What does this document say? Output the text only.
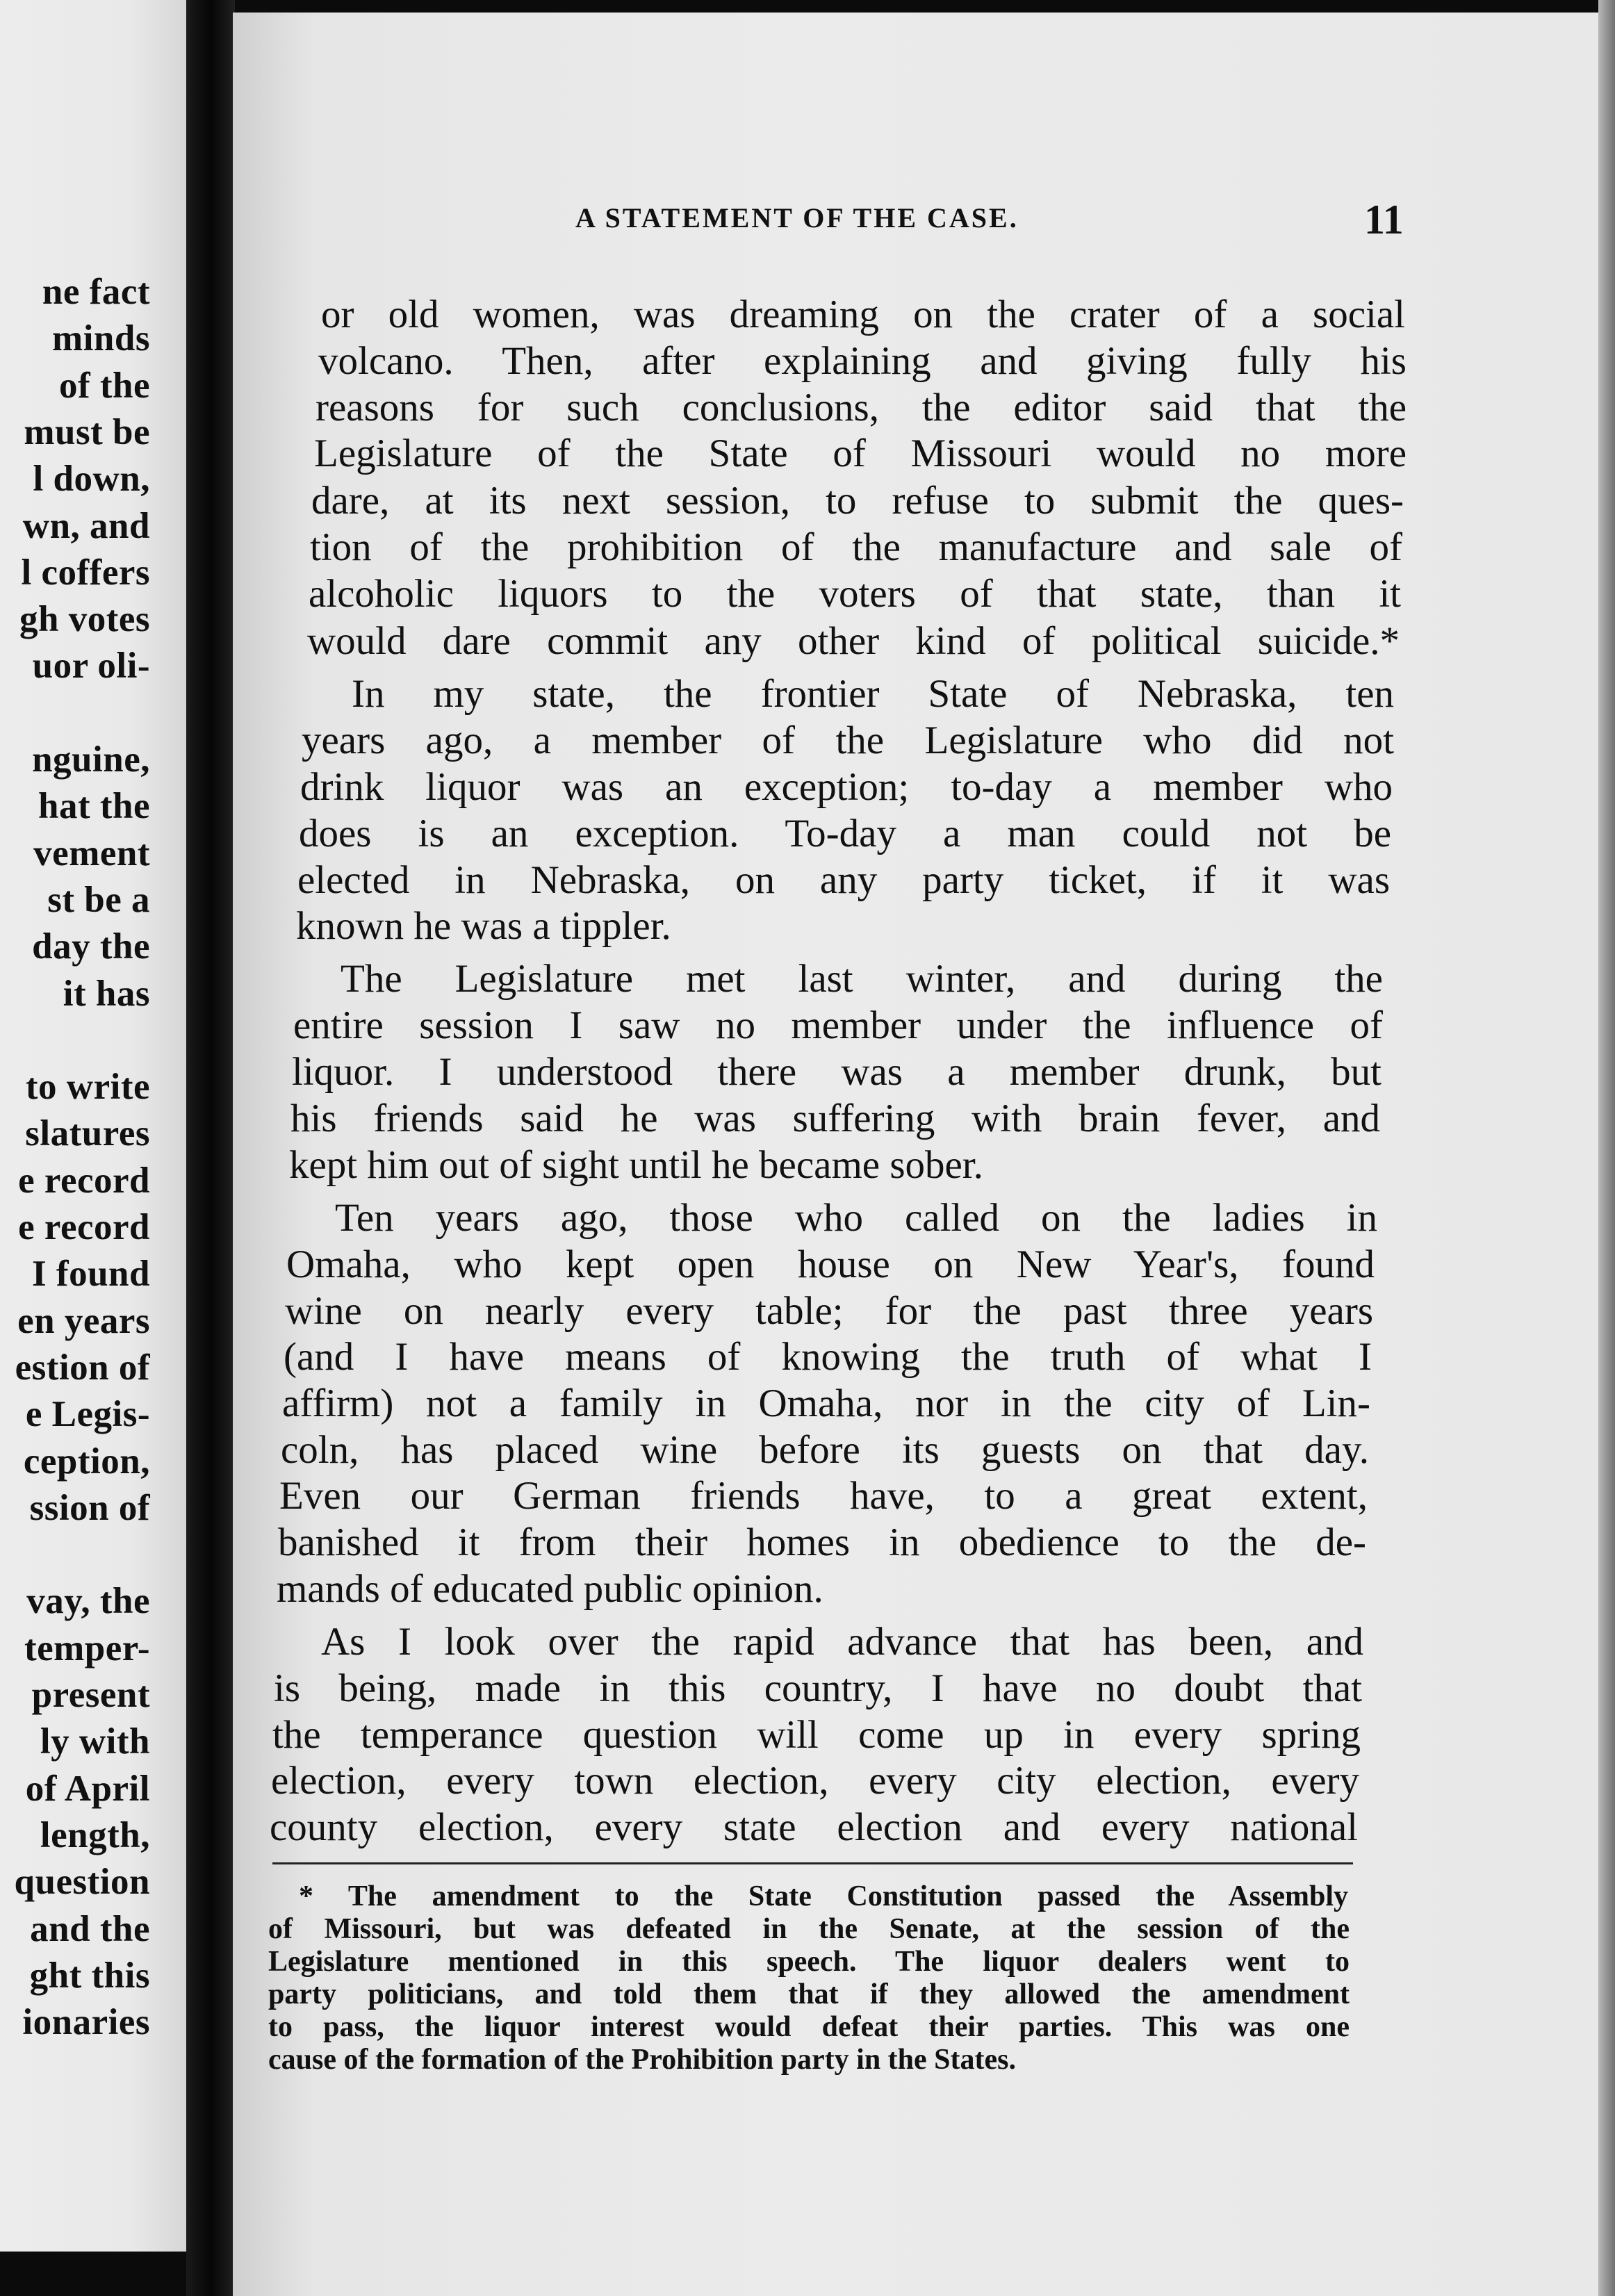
ne fact
minds
of the
must be
l down,
wn, and
l coffers
gh votes
uor oli-
nguine,
hat the
vement
st be a
day the
it has
to write
slatures
e record
e record
I found
en years
estion of
e Legis-
ception,
ssion of
vay, the
temper-
present
ly with
of April
length,
question
and the
ght this
ionaries
A STATEMENT OF THE CASE.	11
or old women, was dreaming on the crater of a social
volcano. Then, after explaining and giving fully his
reasons for such conclusions, the editor said that the
Legislature of the State of Missouri would no more
dare, at its next session, to refuse to submit the ques-
tion of the prohibition of the manufacture and sale of
alcoholic liquors to the voters of that state, than it
would dare commit any other kind of political suicide.*
In my state, the frontier State of Nebraska, ten
years ago, a member of the Legislature who did not
drink liquor was an exception; to-day a member who
does is an exception. To-day a man could not be
elected in Nebraska, on any party ticket, if it was
known he was a tippler.
The Legislature met last winter, and during the
entire session I saw no member under the influence of
liquor. I understood there was a member drunk, but
his friends said he was suffering with brain fever, and
kept him out of sight until he became sober.
Ten years ago, those who called on the ladies in
Omaha, who kept open house on New Year's, found
wine on nearly every table; for the past three years
(and I have means of knowing the truth of what I
affirm) not a family in Omaha, nor in the city of Lin-
coln, has placed wine before its guests on that day.
Even our German friends have, to a great extent,
banished it from their homes in obedience to the de-
mands of educated public opinion.
As I look over the rapid advance that has been, and
is being, made in this country, I have no doubt that
the temperance question will come up in every spring
election, every town election, every city election, every
county election, every state election and every national
* The amendment to the State Constitution passed the Assembly
of Missouri, but was defeated in the Senate, at the session of the
Legislature mentioned in this speech. The liquor dealers went to
party politicians, and told them that if they allowed the amendment
to pass, the liquor interest would defeat their parties. This was one
cause of the formation of the Prohibition party in the States.
